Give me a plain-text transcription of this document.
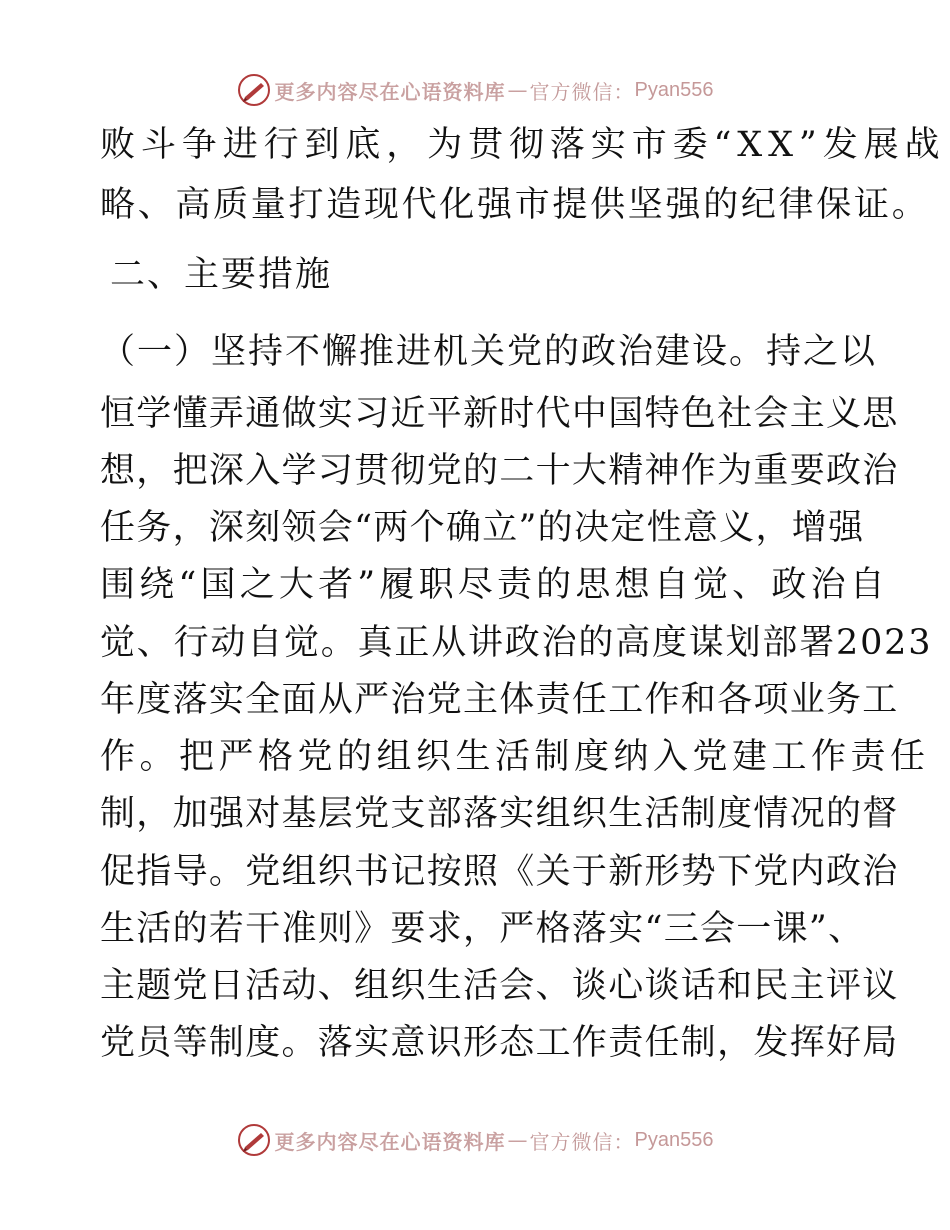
更多内容尽在心语资料库 — 官方微信： Pyan556
败斗争进行到底，为贯彻落实市委“XX”发展战
略、高质量打造现代化强市提供坚强的纪律保证。
二、主要措施
（一）坚持不懈推进机关党的政治建设。持之以
恒学懂弄通做实习近平新时代中国特色社会主义思
想，把深入学习贯彻党的二十大精神作为重要政治
任务，深刻领会“两个确立”的决定性意义，增强
围绕“国之大者”履职尽责的思想自觉、政治自
觉、行动自觉。真正从讲政治的高度谋划部署2023
年度落实全面从严治党主体责任工作和各项业务工
作。把严格党的组织生活制度纳入党建工作责任
制，加强对基层党支部落实组织生活制度情况的督
促指导。党组织书记按照《关于新形势下党内政治
生活的若干准则》要求，严格落实“三会一课”、
主题党日活动、组织生活会、谈心谈话和民主评议
党员等制度。落实意识形态工作责任制，发挥好局
更多内容尽在心语资料库 — 官方微信： Pyan556
